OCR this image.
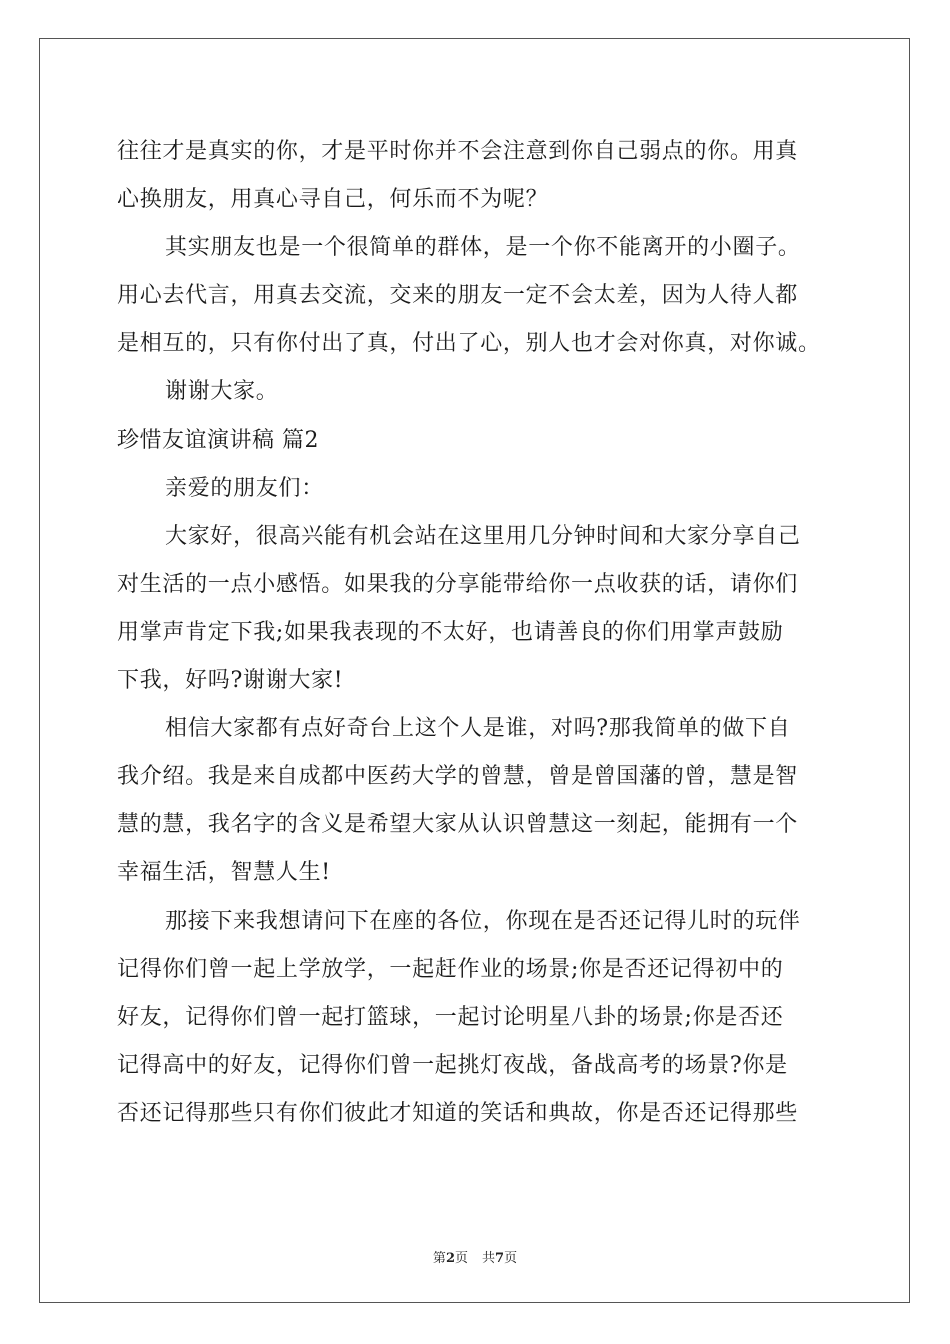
往往才是真实的你，才是平时你并不会注意到你自己弱点的你。用真
心换朋友，用真心寻自己，何乐而不为呢？
其实朋友也是一个很简单的群体，是一个你不能离开的小圈子。
用心去代言，用真去交流，交来的朋友一定不会太差，因为人待人都
是相互的，只有你付出了真，付出了心，别人也才会对你真，对你诚。
谢谢大家。
珍惜友谊演讲稿 篇2
亲爱的朋友们：
大家好，很高兴能有机会站在这里用几分钟时间和大家分享自己
对生活的一点小感悟。如果我的分享能带给你一点收获的话，请你们
用掌声肯定下我;如果我表现的不太好，也请善良的你们用掌声鼓励
下我，好吗?谢谢大家!
相信大家都有点好奇台上这个人是谁，对吗?那我简单的做下自
我介绍。我是来自成都中医药大学的曾慧，曾是曾国藩的曾，慧是智
慧的慧，我名字的含义是希望大家从认识曾慧这一刻起，能拥有一个
幸福生活，智慧人生!
那接下来我想请问下在座的各位，你现在是否还记得儿时的玩伴
记得你们曾一起上学放学，一起赶作业的场景;你是否还记得初中的
好友，记得你们曾一起打篮球，一起讨论明星八卦的场景;你是否还
记得高中的好友，记得你们曾一起挑灯夜战，备战高考的场景?你是
否还记得那些只有你们彼此才知道的笑话和典故，你是否还记得那些
第2页 共7页
